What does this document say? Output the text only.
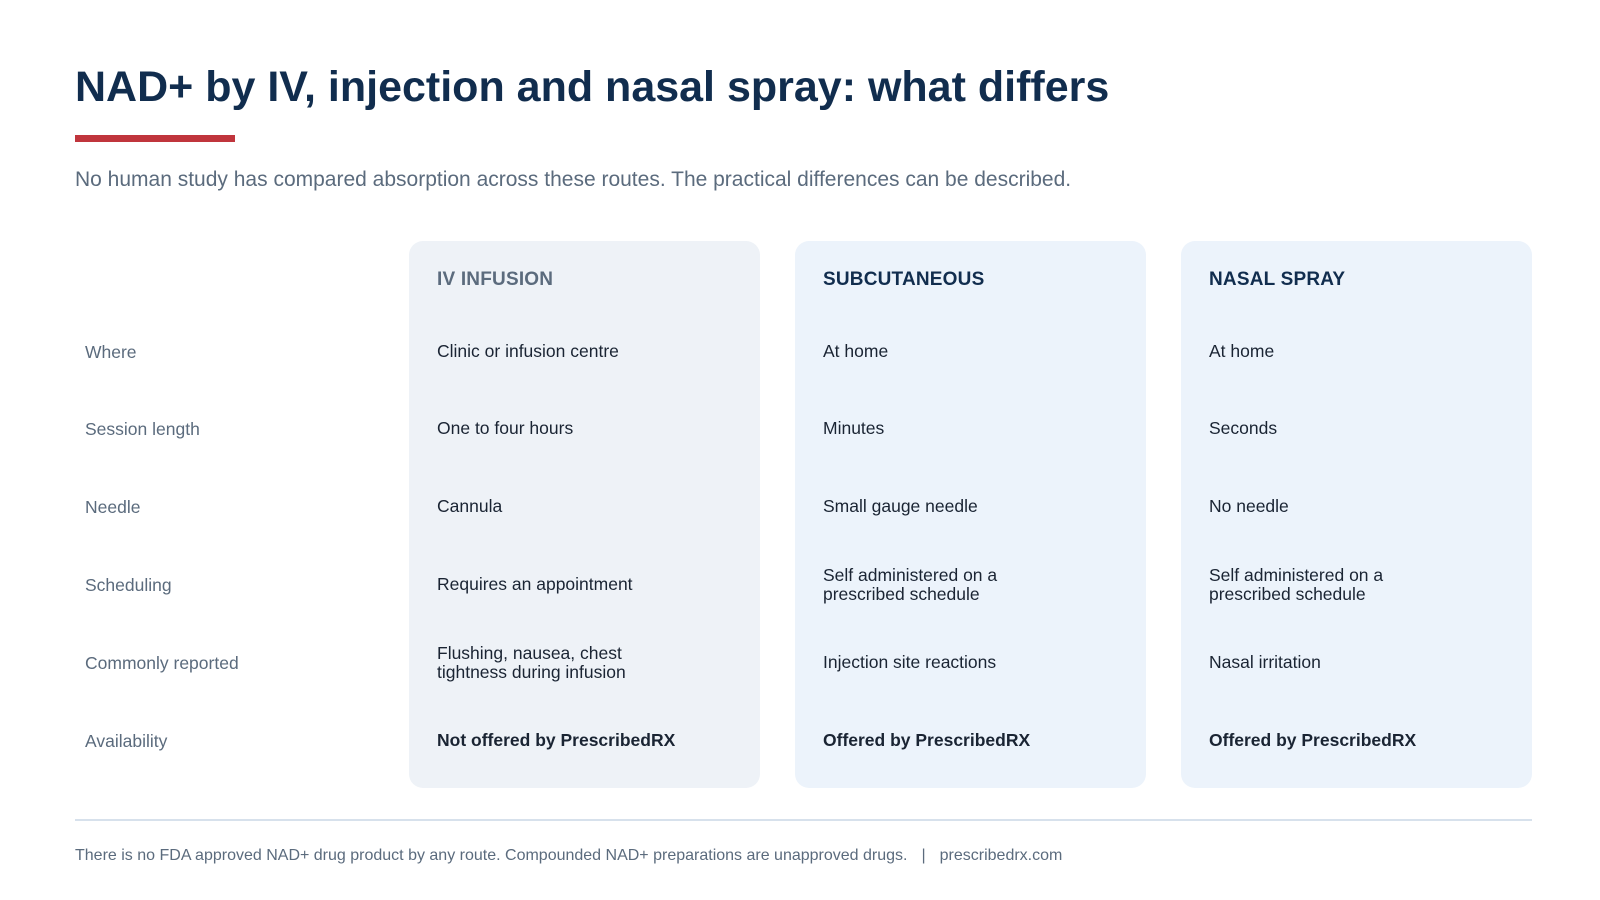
NAD+ by IV, injection and nasal spray: what differs

No human study has compared absorption across these routes. The practical differences can be described.

Where
Session length
Needle
Scheduling
Commonly reported
Availability
IV INFUSION
Clinic or infusion centre
One to four hours
Cannula
Requires an appointment
Flushing, nausea, chest tightness during infusion
Not offered by PrescribedRX
SUBCUTANEOUS
At home
Minutes
Small gauge needle
Self administered on a prescribed schedule
Injection site reactions
Offered by PrescribedRX
NASAL SPRAY
At home
Seconds
No needle
Self administered on a prescribed schedule
Nasal irritation
Offered by PrescribedRX
There is no FDA approved NAD+ drug product by any route. Compounded NAD+ preparations are unapproved drugs. | prescribedrx.com
